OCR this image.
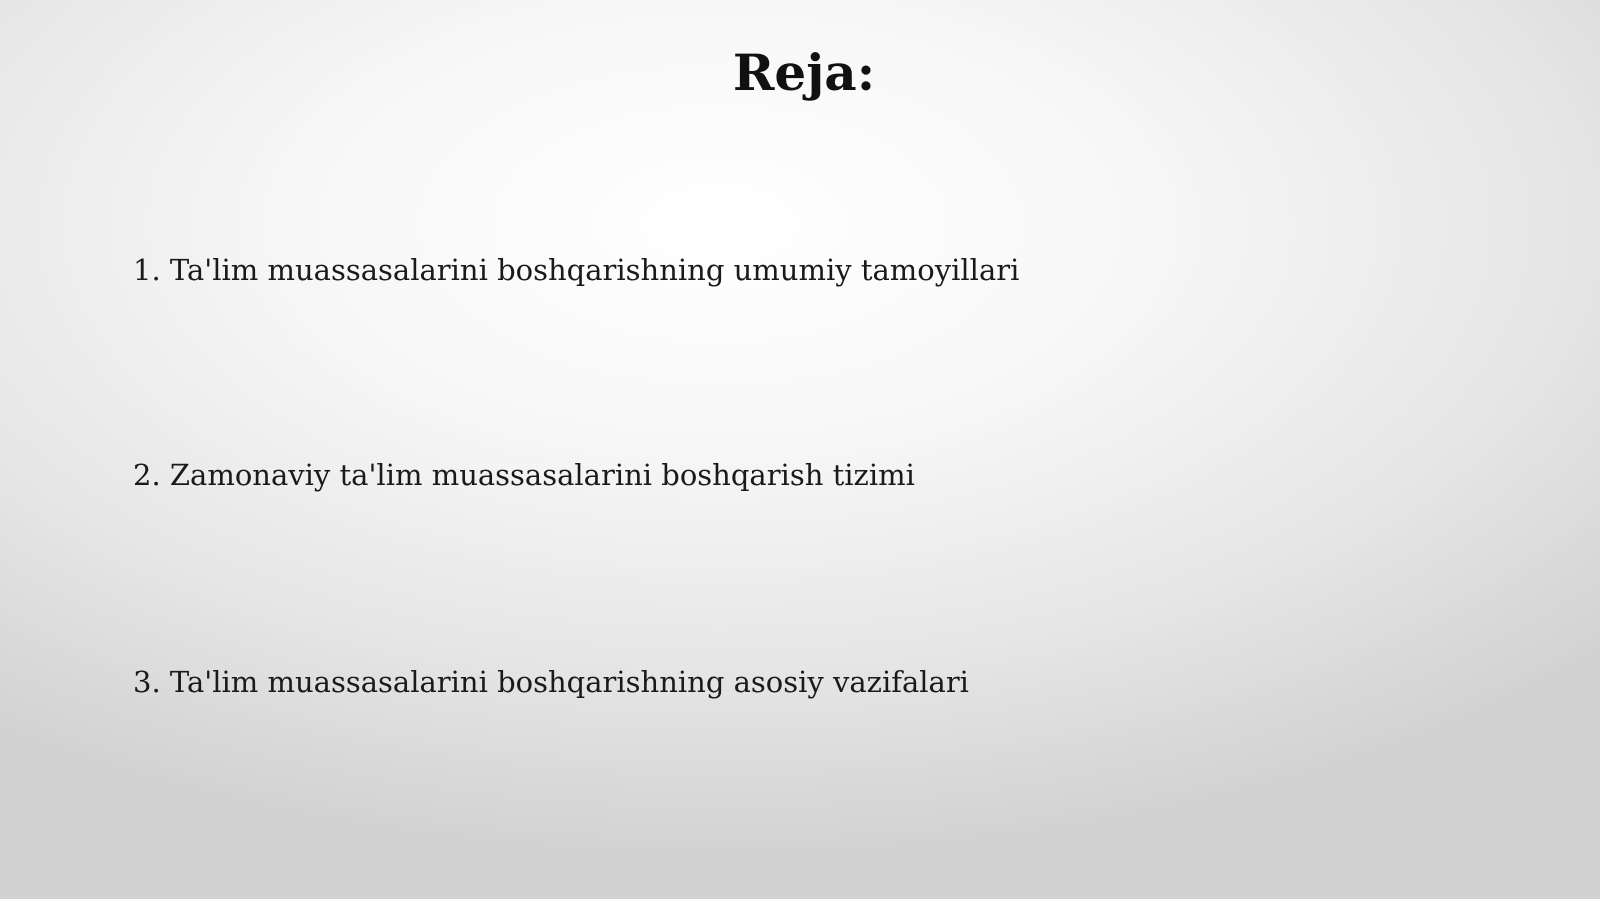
Reja:
1. Ta'lim muassasalarini boshqarishning umumiy tamoyillari
2. Zamonaviy ta'lim muassasalarini boshqarish tizimi
3. Ta'lim muassasalarini boshqarishning asosiy vazifalari
